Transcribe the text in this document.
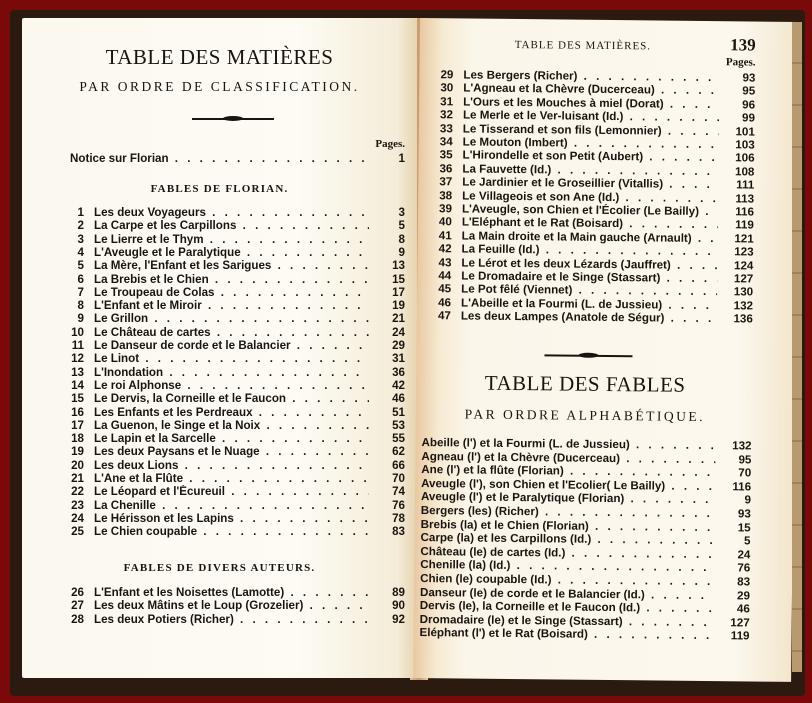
TABLE DES MATIÈRES
PAR ORDRE DE CLASSIFICATION.
Pages.
Notice sur Florian . . .	1
FABLES DE FLORIAN.
1 Les deux Voyageurs . . .	3
2 La Carpe et les Carpillons . . .	5
3 Le Lierre et le Thym . . .	8
4 L'Aveugle et le Paralytique . . .	9
5 La Mère, l'Enfant et les Sarigues . . .	13
6 La Brebis et le Chien . . .	15
7 Le Troupeau de Colas . . .	17
8 L'Enfant et le Miroir . . .	19
9 Le Grillon . . .	21
10 Le Château de cartes . . .	24
11 Le Danseur de corde et le Balancier . . .	29
12 Le Linot . . .	31
13 L'Inondation . . .	36
14 Le roi Alphonse . . .	42
15 Le Dervis, la Corneille et le Faucon . . .	46
16 Les Enfants et les Perdreaux . . .	51
17 La Guenon, le Singe et la Noix . . .	53
18 Le Lapin et la Sarcelle . . .	55
19 Les deux Paysans et le Nuage . . .	62
20 Les deux Lions . . .	66
21 L'Ane et la Flûte . . .	70
22 Le Léopard et l'Écureuil . . .	74
23 La Chenille . . .	76
24 Le Hérisson et les Lapins . . .	78
25 Le Chien coupable . . .	83
FABLES DE DIVERS AUTEURS.
26 L'Enfant et les Noisettes (Lamotte) . . .	89
27 Les deux Mâtins et le Loup (Grozelier) . . .	90
28 Les deux Potiers (Richer) . . .	92
TABLE DES MATIÈRES.	139
Pages.
29 Les Bergers (Richer) . . .	93
30 L'Agneau et la Chèvre (Ducerceau) . . .	95
31 L'Ours et les Mouches à miel (Dorat) . . .	96
32 Le Merle et le Ver-luisant (Id.) . . .	99
33 Le Tisserand et son fils (Lemonnier) . . .	101
34 Le Mouton (Imbert) . . .	103
35 L'Hirondelle et son Petit (Aubert) . . .	106
36 La Fauvette (Id.) . . .	108
37 Le Jardinier et le Groseillier (Vitallis) . . .	111
38 Le Villageois et son Ane (Id.) . . .	113
39 L'Aveugle, son Chien et l'Écolier (Le Bailly) . . .	116
40 L'Eléphant et le Rat (Boisard) . . .	119
41 La Main droite et la Main gauche (Arnault) . . .	121
42 La Feuille (Id.) . . .	123
43 Le Lérot et les deux Lézards (Jauffret) . . .	124
44 Le Dromadaire et le Singe (Stassart) . . .	127
45 Le Pot fêlé (Viennet) . . .	130
46 L'Abeille et la Fourmi (L. de Jussieu) . . .	132
47 Les deux Lampes (Anatole de Ségur) . . .	136
TABLE DES FABLES
PAR ORDRE ALPHABÉTIQUE.
Abeille (l') et la Fourmi (L. de Jussieu) . . .	132
Agneau (l') et la Chèvre (Ducerceau) . . .	95
Ane (l') et la flûte (Florian) . . .	70
Aveugle (l'), son Chien et l'Ecolier( Le Bailly) . . .	116
Aveugle (l') et le Paralytique (Florian) . . .	9
Bergers (les) (Richer) . . .	93
Brebis (la) et le Chien (Florian) . . .	15
Carpe (la) et les Carpillons (Id.) . . .	5
Château (le) de cartes (Id.) . . .	24
Chenille (la) (Id.) . . .	76
Chien (le) coupable (Id.) . . .	83
Danseur (le) de corde et le Balancier (Id.) . . .	29
Dervis (le), la Corneille et le Faucon (Id.) . . .	46
Dromadaire (le) et le Singe (Stassart) . . .	127
Eléphant (l') et le Rat (Boisard) . . .	119
